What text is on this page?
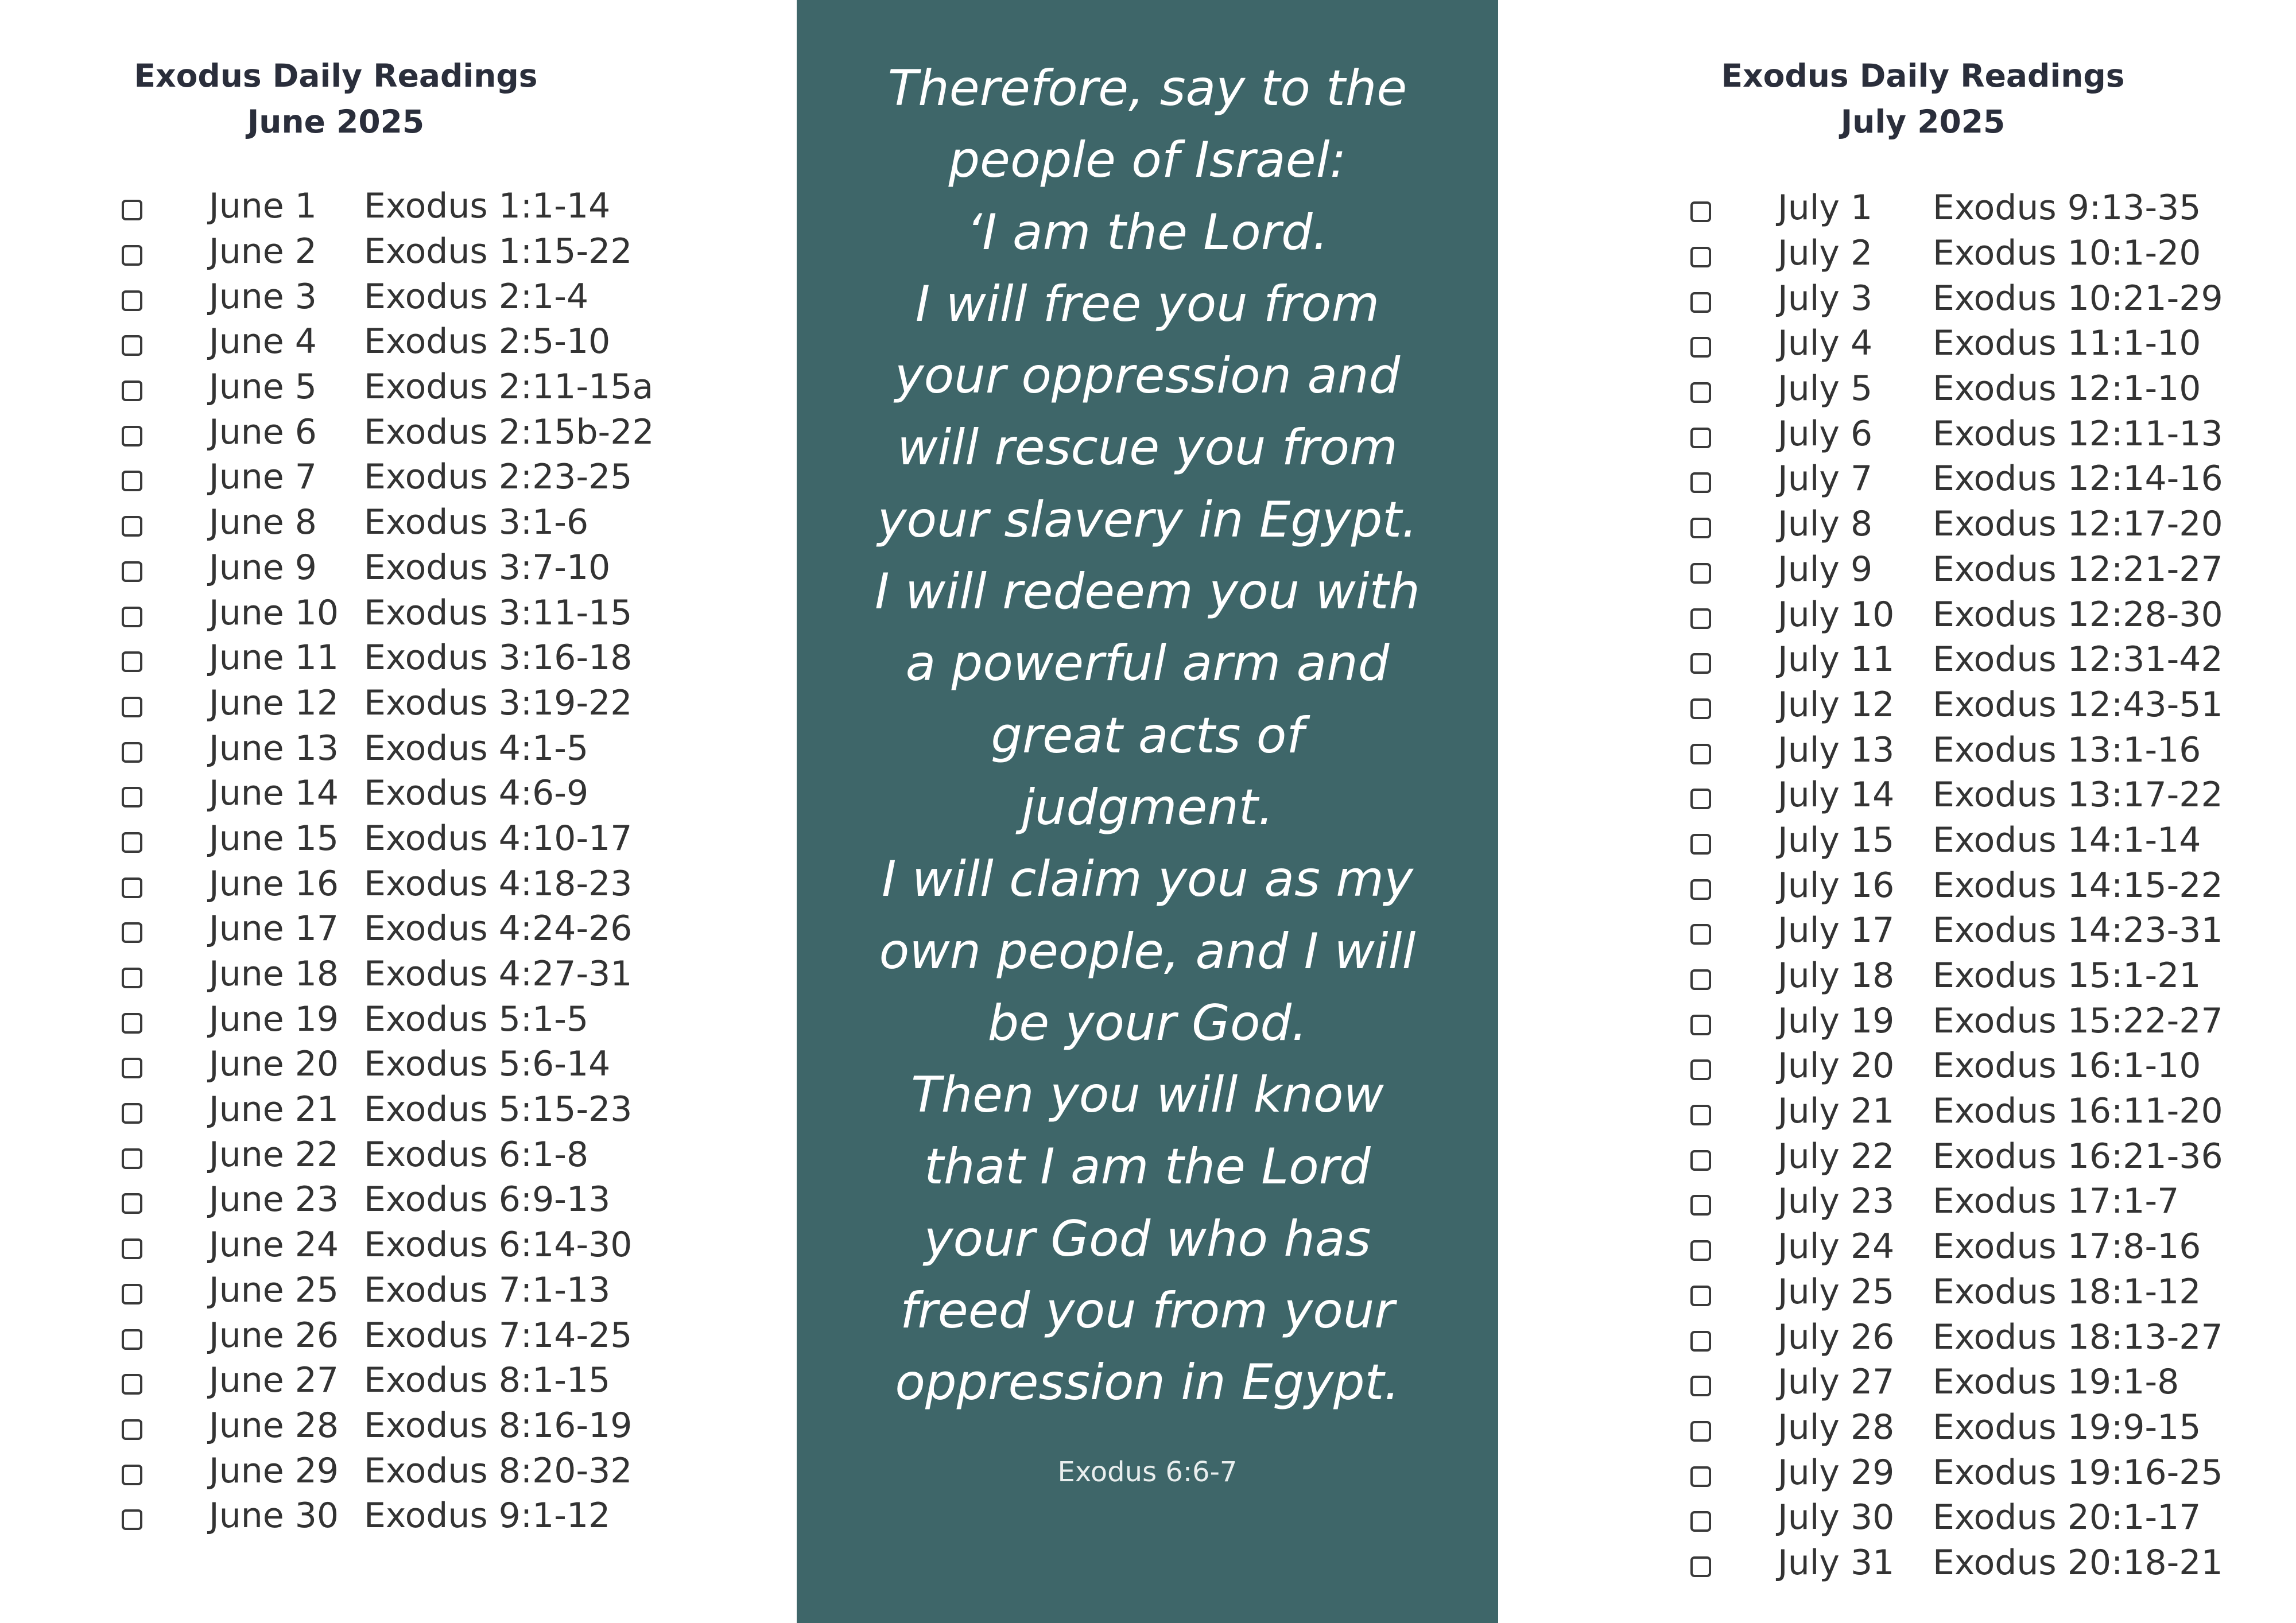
Exodus Daily Readings
June 2025
June 1	Exodus 1:1-14
June 2	Exodus 1:15-22
June 3	Exodus 2:1-4
June 4	Exodus 2:5-10
June 5	Exodus 2:11-15a
June 6	Exodus 2:15b-22
June 7	Exodus 2:23-25
June 8	Exodus 3:1-6
June 9	Exodus 3:7-10
June 10 Exodus 3:11-15
June 11 Exodus 3:16-18
June 12 Exodus 3:19-22
June 13 Exodus 4:1-5
June 14 Exodus 4:6-9
June 15 Exodus 4:10-17
June 16 Exodus 4:18-23
June 17 Exodus 4:24-26
June 18 Exodus 4:27-31
June 19 Exodus 5:1-5
June 20 Exodus 5:6-14
June 21 Exodus 5:15-23
June 22 Exodus 6:1-8
June 23 Exodus 6:9-13
June 24 Exodus 6:14-30
June 25 Exodus 7:1-13
June 26 Exodus 7:14-25
June 27 Exodus 8:1-15
June 28 Exodus 8:16-19
June 29 Exodus 8:20-32
June 30 Exodus 9:1-12

Therefore, say to the
people of Israel:
‘I am the Lord.
I will free you from
your oppression and
will rescue you from
your slavery in Egypt.
I will redeem you with
a powerful arm and
great acts of
judgment.
I will claim you as my
own people, and I will
be your God.
Then you will know
that I am the Lord
your God who has
freed you from your
oppression in Egypt.

Exodus 6:6-7
Exodus Daily Readings
July 2025
July 1	Exodus 9:13-35
July 2	Exodus 10:1-20
July 3	Exodus 10:21-29
July 4	Exodus 11:1-10
July 5	Exodus 12:1-10
July 6	Exodus 12:11-13
July 7	Exodus 12:14-16
July 8	Exodus 12:17-20
July 9	Exodus 12:21-27
July 10	Exodus 12:28-30
July 11	Exodus 12:31-42
July 12	Exodus 12:43-51
July 13	Exodus 13:1-16
July 14	Exodus 13:17-22
July 15	Exodus 14:1-14
July 16	Exodus 14:15-22
July 17	Exodus 14:23-31
July 18	Exodus 15:1-21
July 19	Exodus 15:22-27
July 20	Exodus 16:1-10
July 21	Exodus 16:11-20
July 22	Exodus 16:21-36
July 23	Exodus 17:1-7
July 24	Exodus 17:8-16
July 25	Exodus 18:1-12
July 26	Exodus 18:13-27
July 27	Exodus 19:1-8
July 28	Exodus 19:9-15
July 29	Exodus 19:16-25
July 30	Exodus 20:1-17
July 31	Exodus 20:18-21
